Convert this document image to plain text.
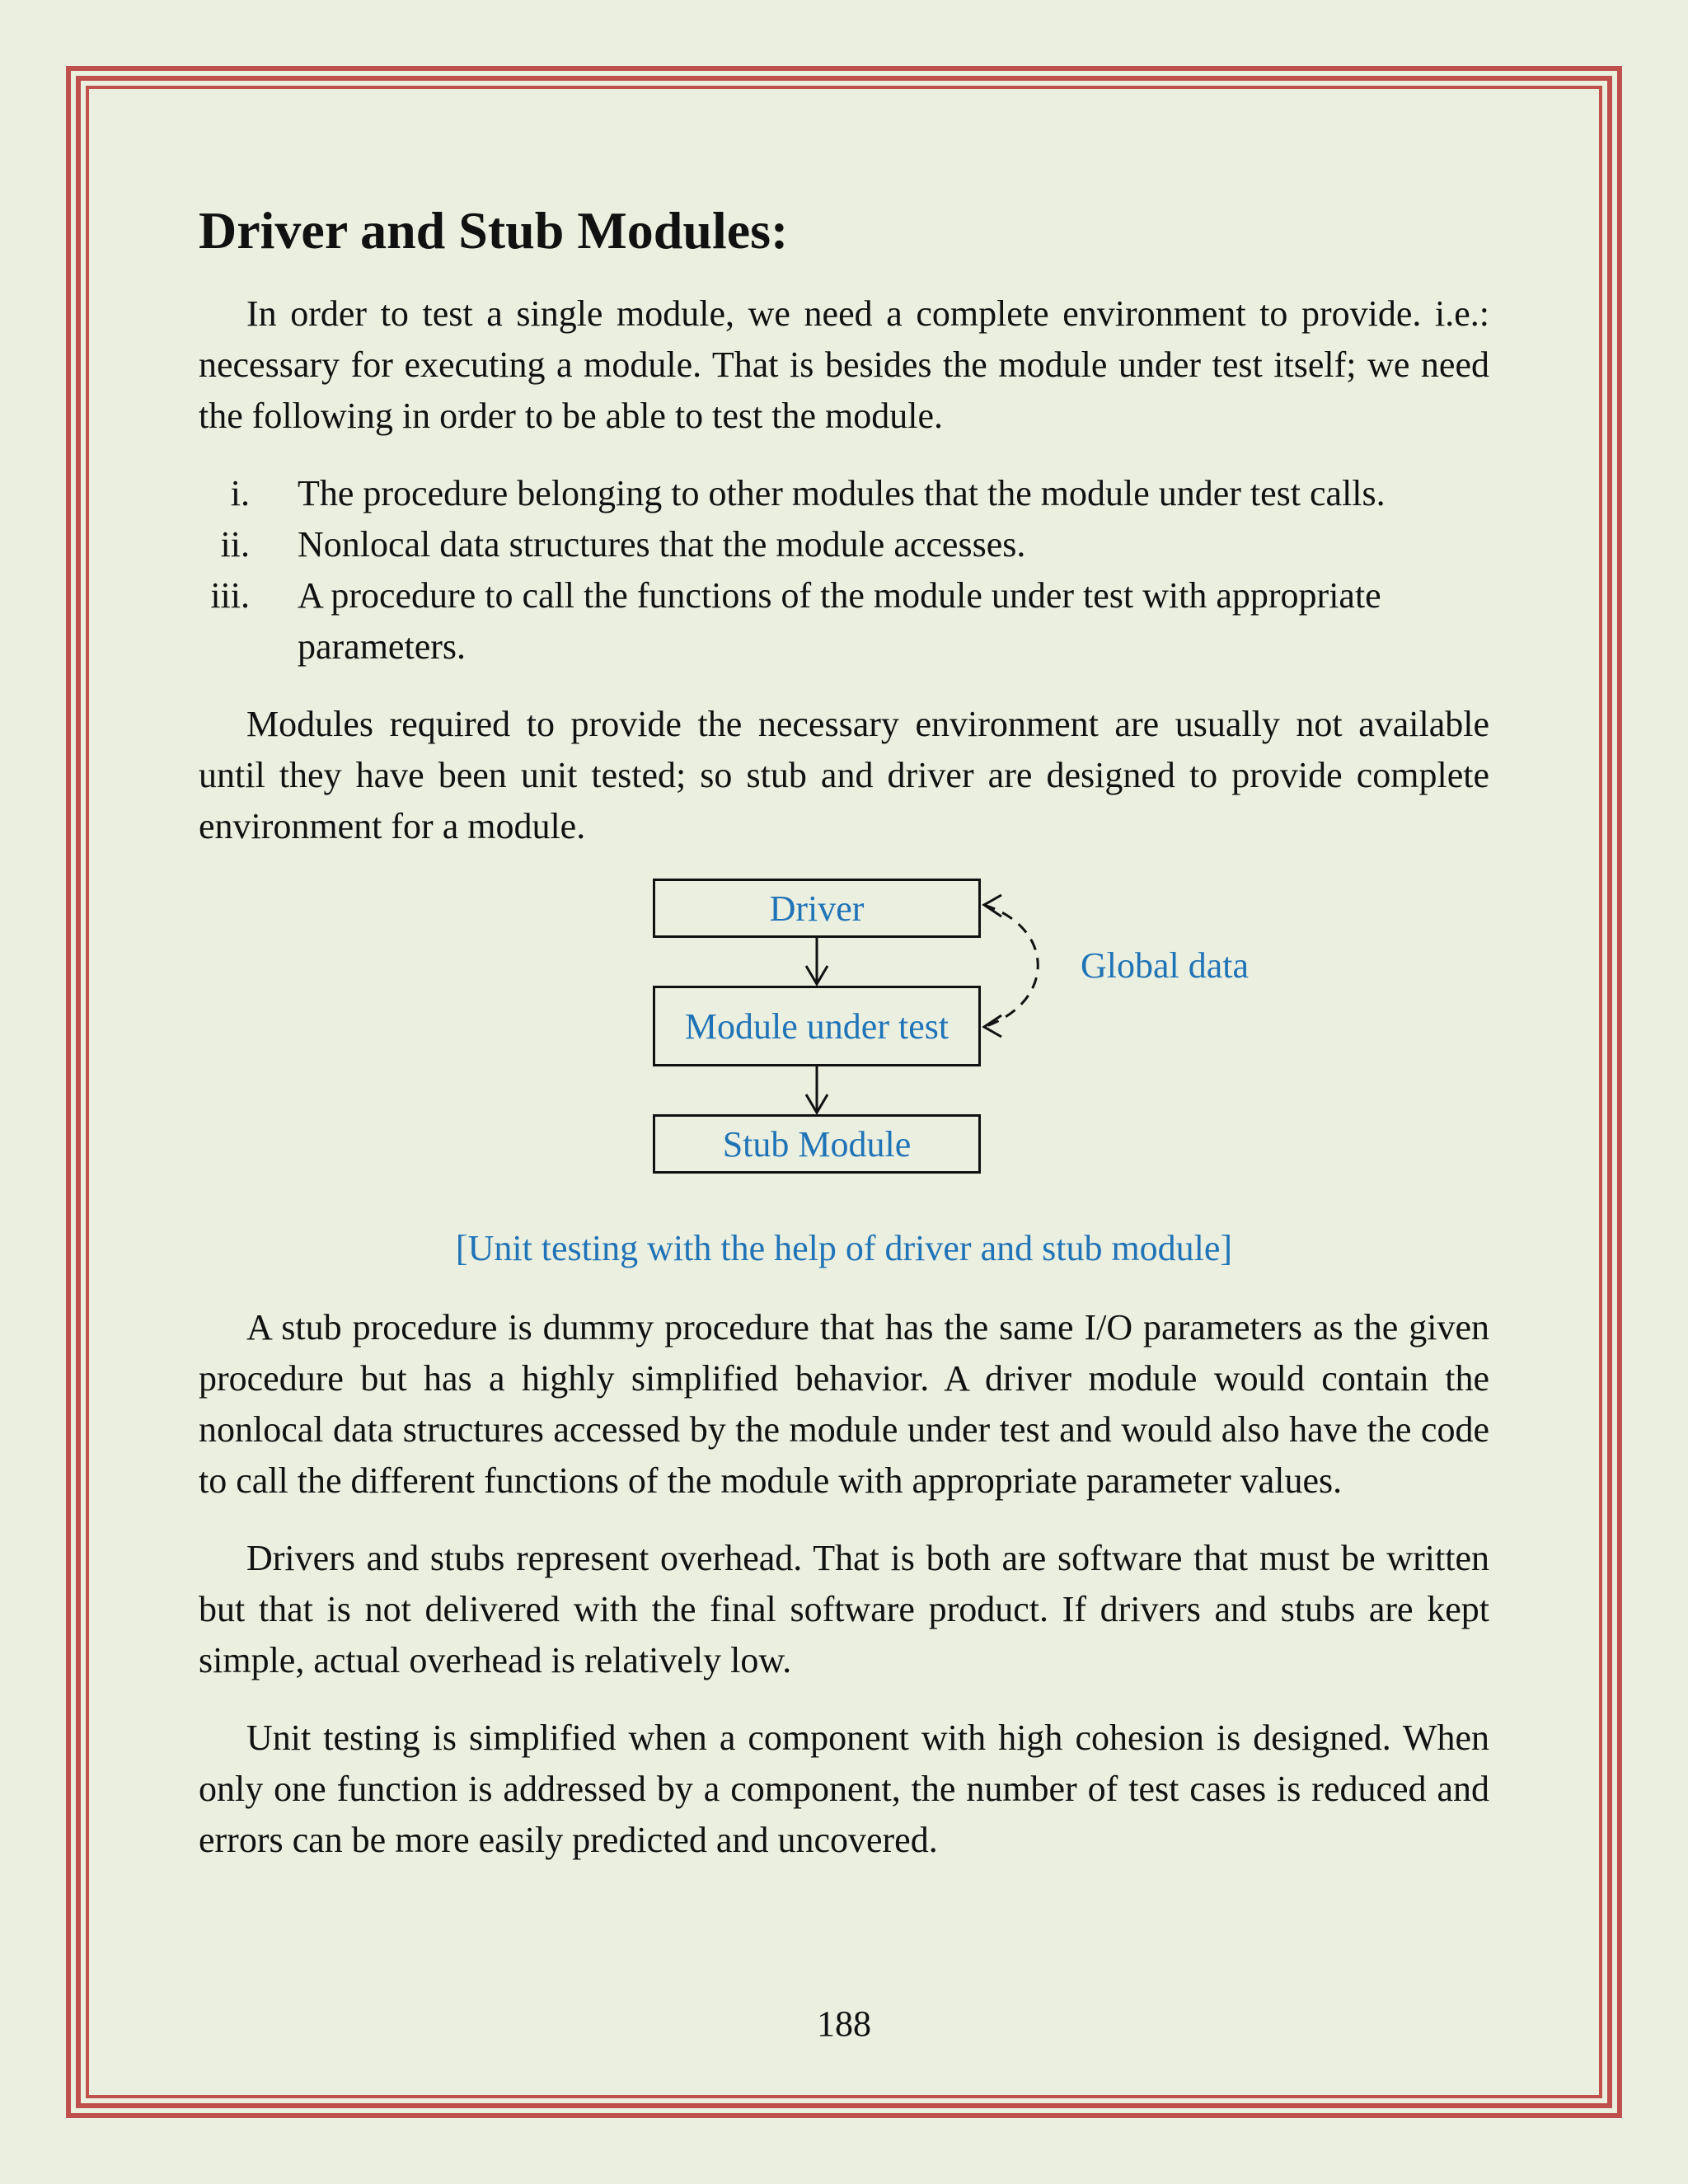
Driver and Stub Modules:

In order to test a single module, we need a complete environment to provide. i.e.: necessary for executing a module. That is besides the module under test itself; we need the following in order to be able to test the module.

i. The procedure belonging to other modules that the module under test calls.
ii. Nonlocal data structures that the module accesses.
iii. A procedure to call the functions of the module under test with appropriate parameters.

Modules required to provide the necessary environment are usually not available until they have been unit tested; so stub and driver are designed to provide complete environment for a module.

Driver
Module under test
Stub Module
Global data
[Unit testing with the help of driver and stub module]

A stub procedure is dummy procedure that has the same I/O parameters as the given procedure but has a highly simplified behavior. A driver module would contain the nonlocal data structures accessed by the module under test and would also have the code to call the different functions of the module with appropriate parameter values.

Drivers and stubs represent overhead. That is both are software that must be written but that is not delivered with the final software product. If drivers and stubs are kept simple, actual overhead is relatively low.

Unit testing is simplified when a component with high cohesion is designed. When only one function is addressed by a component, the number of test cases is reduced and errors can be more easily predicted and uncovered.

188
